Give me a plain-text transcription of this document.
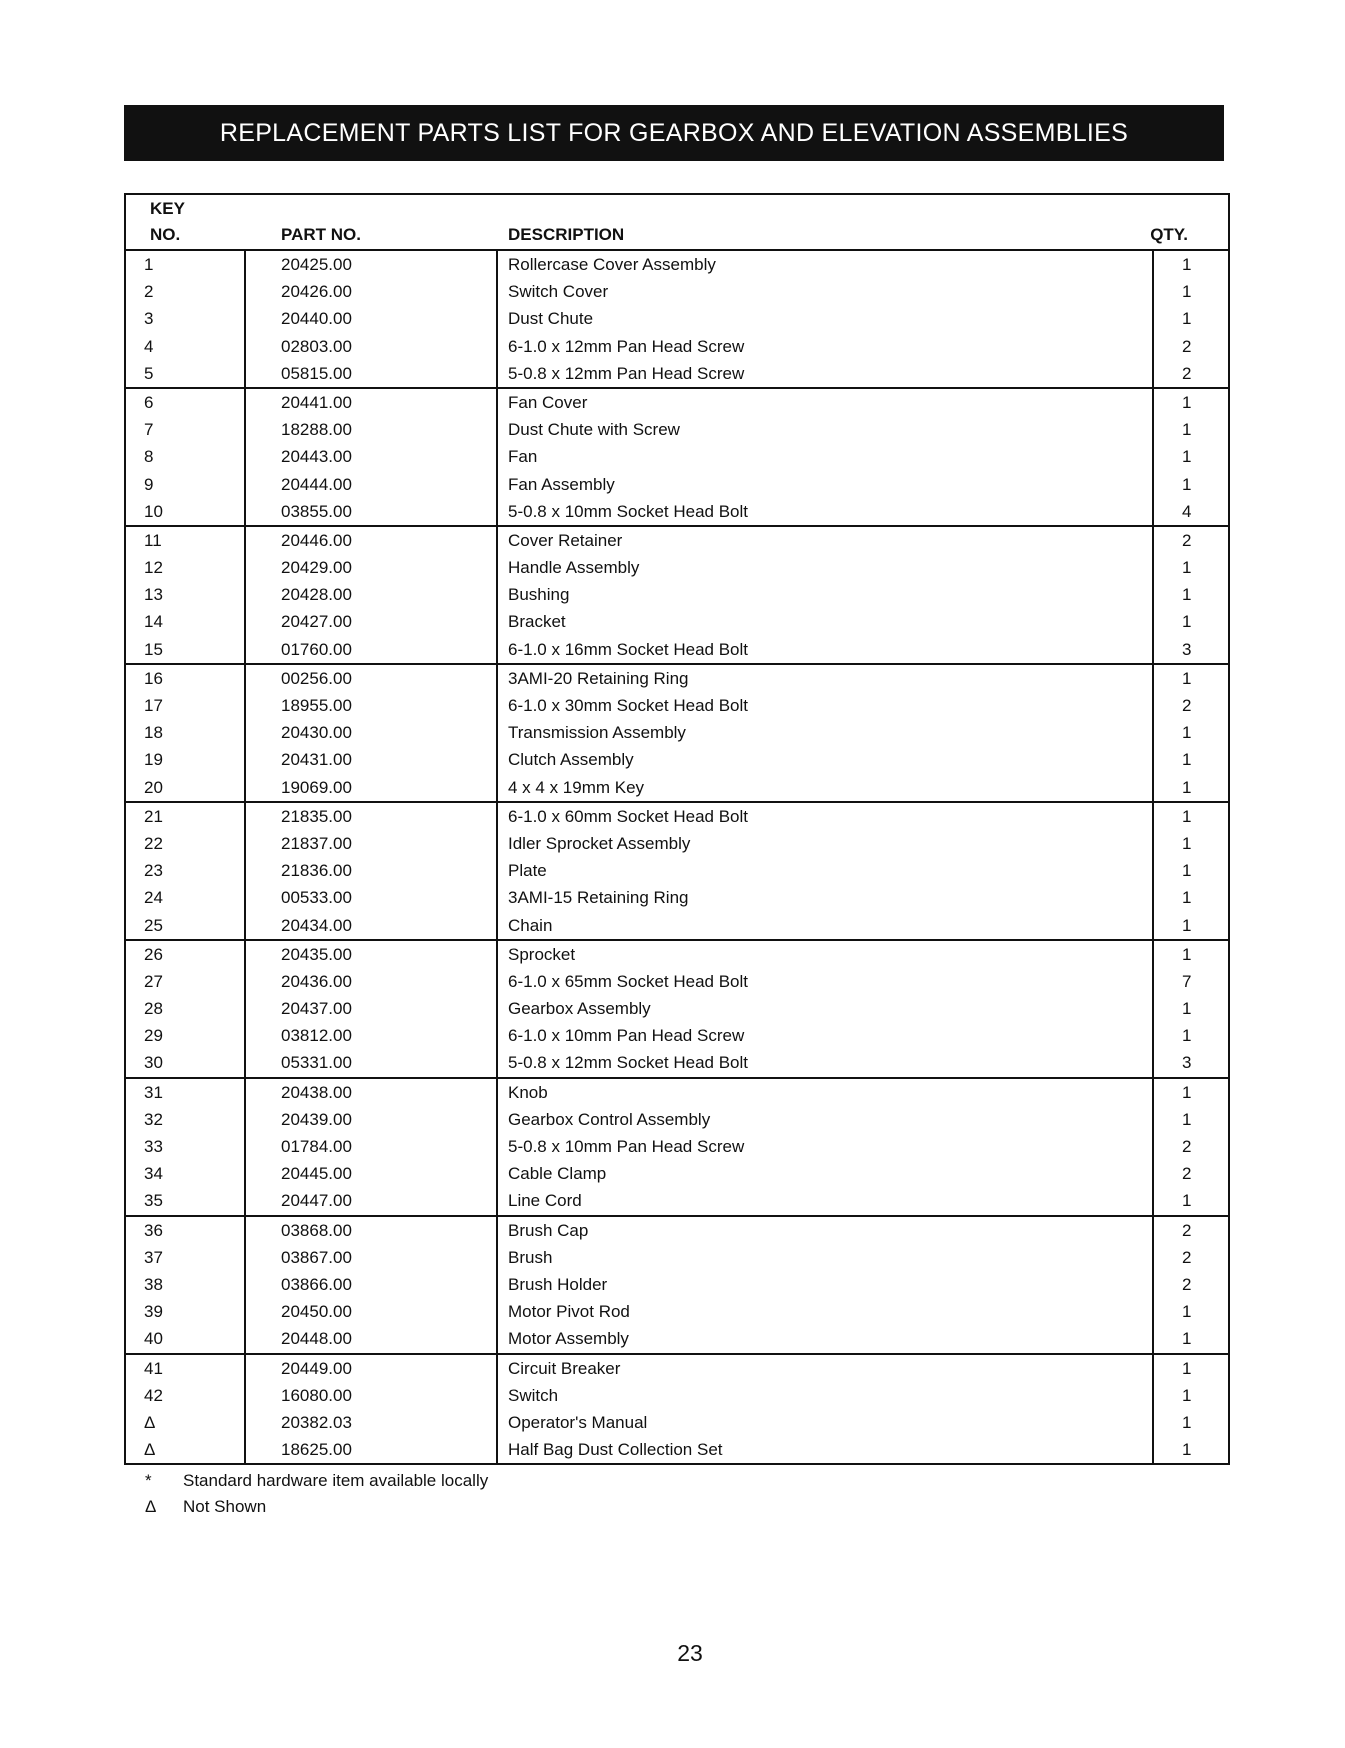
REPLACEMENT PARTS LIST FOR GEARBOX AND ELEVATION ASSEMBLIES
KEY
NO.	PART NO.	DESCRIPTION	QTY.
1	20425.00	Rollercase Cover Assembly	1
2	20426.00	Switch Cover	1
3	20440.00	Dust Chute	1
4	02803.00	6-1.0 x 12mm Pan Head Screw	2
5	05815.00	5-0.8 x 12mm Pan Head Screw	2
6	20441.00	Fan Cover	1
7	18288.00	Dust Chute with Screw	1
8	20443.00	Fan	1
9	20444.00	Fan Assembly	1
10	03855.00	5-0.8 x 10mm Socket Head Bolt	4
11	20446.00	Cover Retainer	2
12	20429.00	Handle Assembly	1
13	20428.00	Bushing	1
14	20427.00	Bracket	1
15	01760.00	6-1.0 x 16mm Socket Head Bolt	3
16	00256.00	3AMI-20 Retaining Ring	1
17	18955.00	6-1.0 x 30mm Socket Head Bolt	2
18	20430.00	Transmission Assembly	1
19	20431.00	Clutch Assembly	1
20	19069.00	4 x 4 x 19mm Key	1
21	21835.00	6-1.0 x 60mm Socket Head Bolt	1
22	21837.00	Idler Sprocket Assembly	1
23	21836.00	Plate	1
24	00533.00	3AMI-15 Retaining Ring	1
25	20434.00	Chain	1
26	20435.00	Sprocket	1
27	20436.00	6-1.0 x 65mm Socket Head Bolt	7
28	20437.00	Gearbox Assembly	1
29	03812.00	6-1.0 x 10mm Pan Head Screw	1
30	05331.00	5-0.8 x 12mm Socket Head Bolt	3
31	20438.00	Knob	1
32	20439.00	Gearbox Control Assembly	1
33	01784.00	5-0.8 x 10mm Pan Head Screw	2
34	20445.00	Cable Clamp	2
35	20447.00	Line Cord	1
36	03868.00	Brush Cap	2
37	03867.00	Brush	2
38	03866.00	Brush Holder	2
39	20450.00	Motor Pivot Rod	1
40	20448.00	Motor Assembly	1
41	20449.00	Circuit Breaker	1
42	16080.00	Switch	1
Δ	20382.03	Operator's Manual	1
Δ	18625.00	Half Bag Dust Collection Set	1
* Standard hardware item available locally
Δ Not Shown
23
